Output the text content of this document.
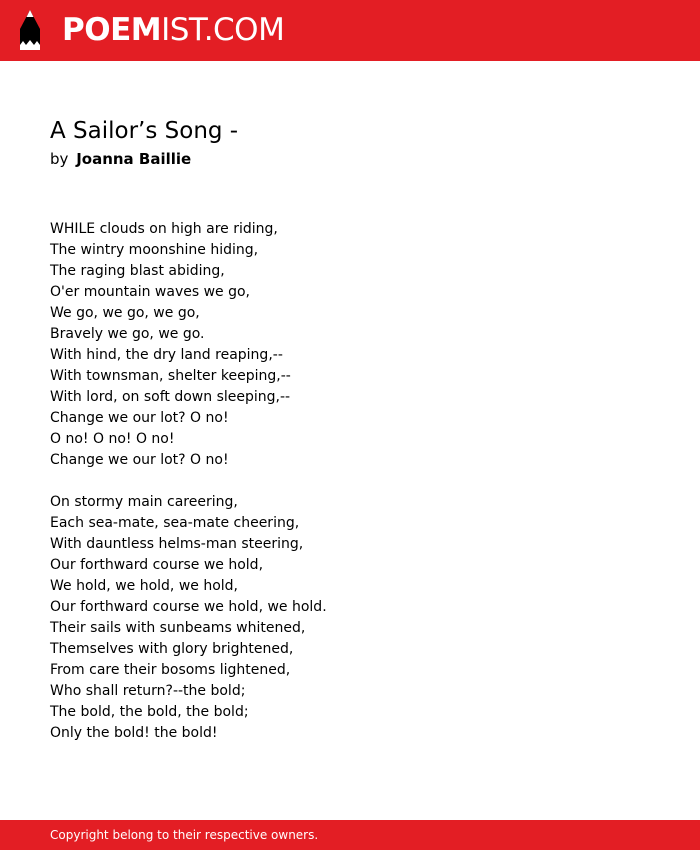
POEMIST.COM
A Sailor’s Song -
by Joanna Baillie
WHILE clouds on high are riding,
The wintry moonshine hiding,
The raging blast abiding,
O'er mountain waves we go,
We go, we go, we go,
Bravely we go, we go.
With hind, the dry land reaping,--
With townsman, shelter keeping,--
With lord, on soft down sleeping,--
Change we our lot? O no!
O no! O no! O no!
Change we our lot? O no!
On stormy main careering,
Each sea-mate, sea-mate cheering,
With dauntless helms-man steering,
Our forthward course we hold,
We hold, we hold, we hold,
Our forthward course we hold, we hold.
Their sails with sunbeams whitened,
Themselves with glory brightened,
From care their bosoms lightened,
Who shall return?--the bold;
The bold, the bold, the bold;
Only the bold! the bold!
Copyright belong to their respective owners.
